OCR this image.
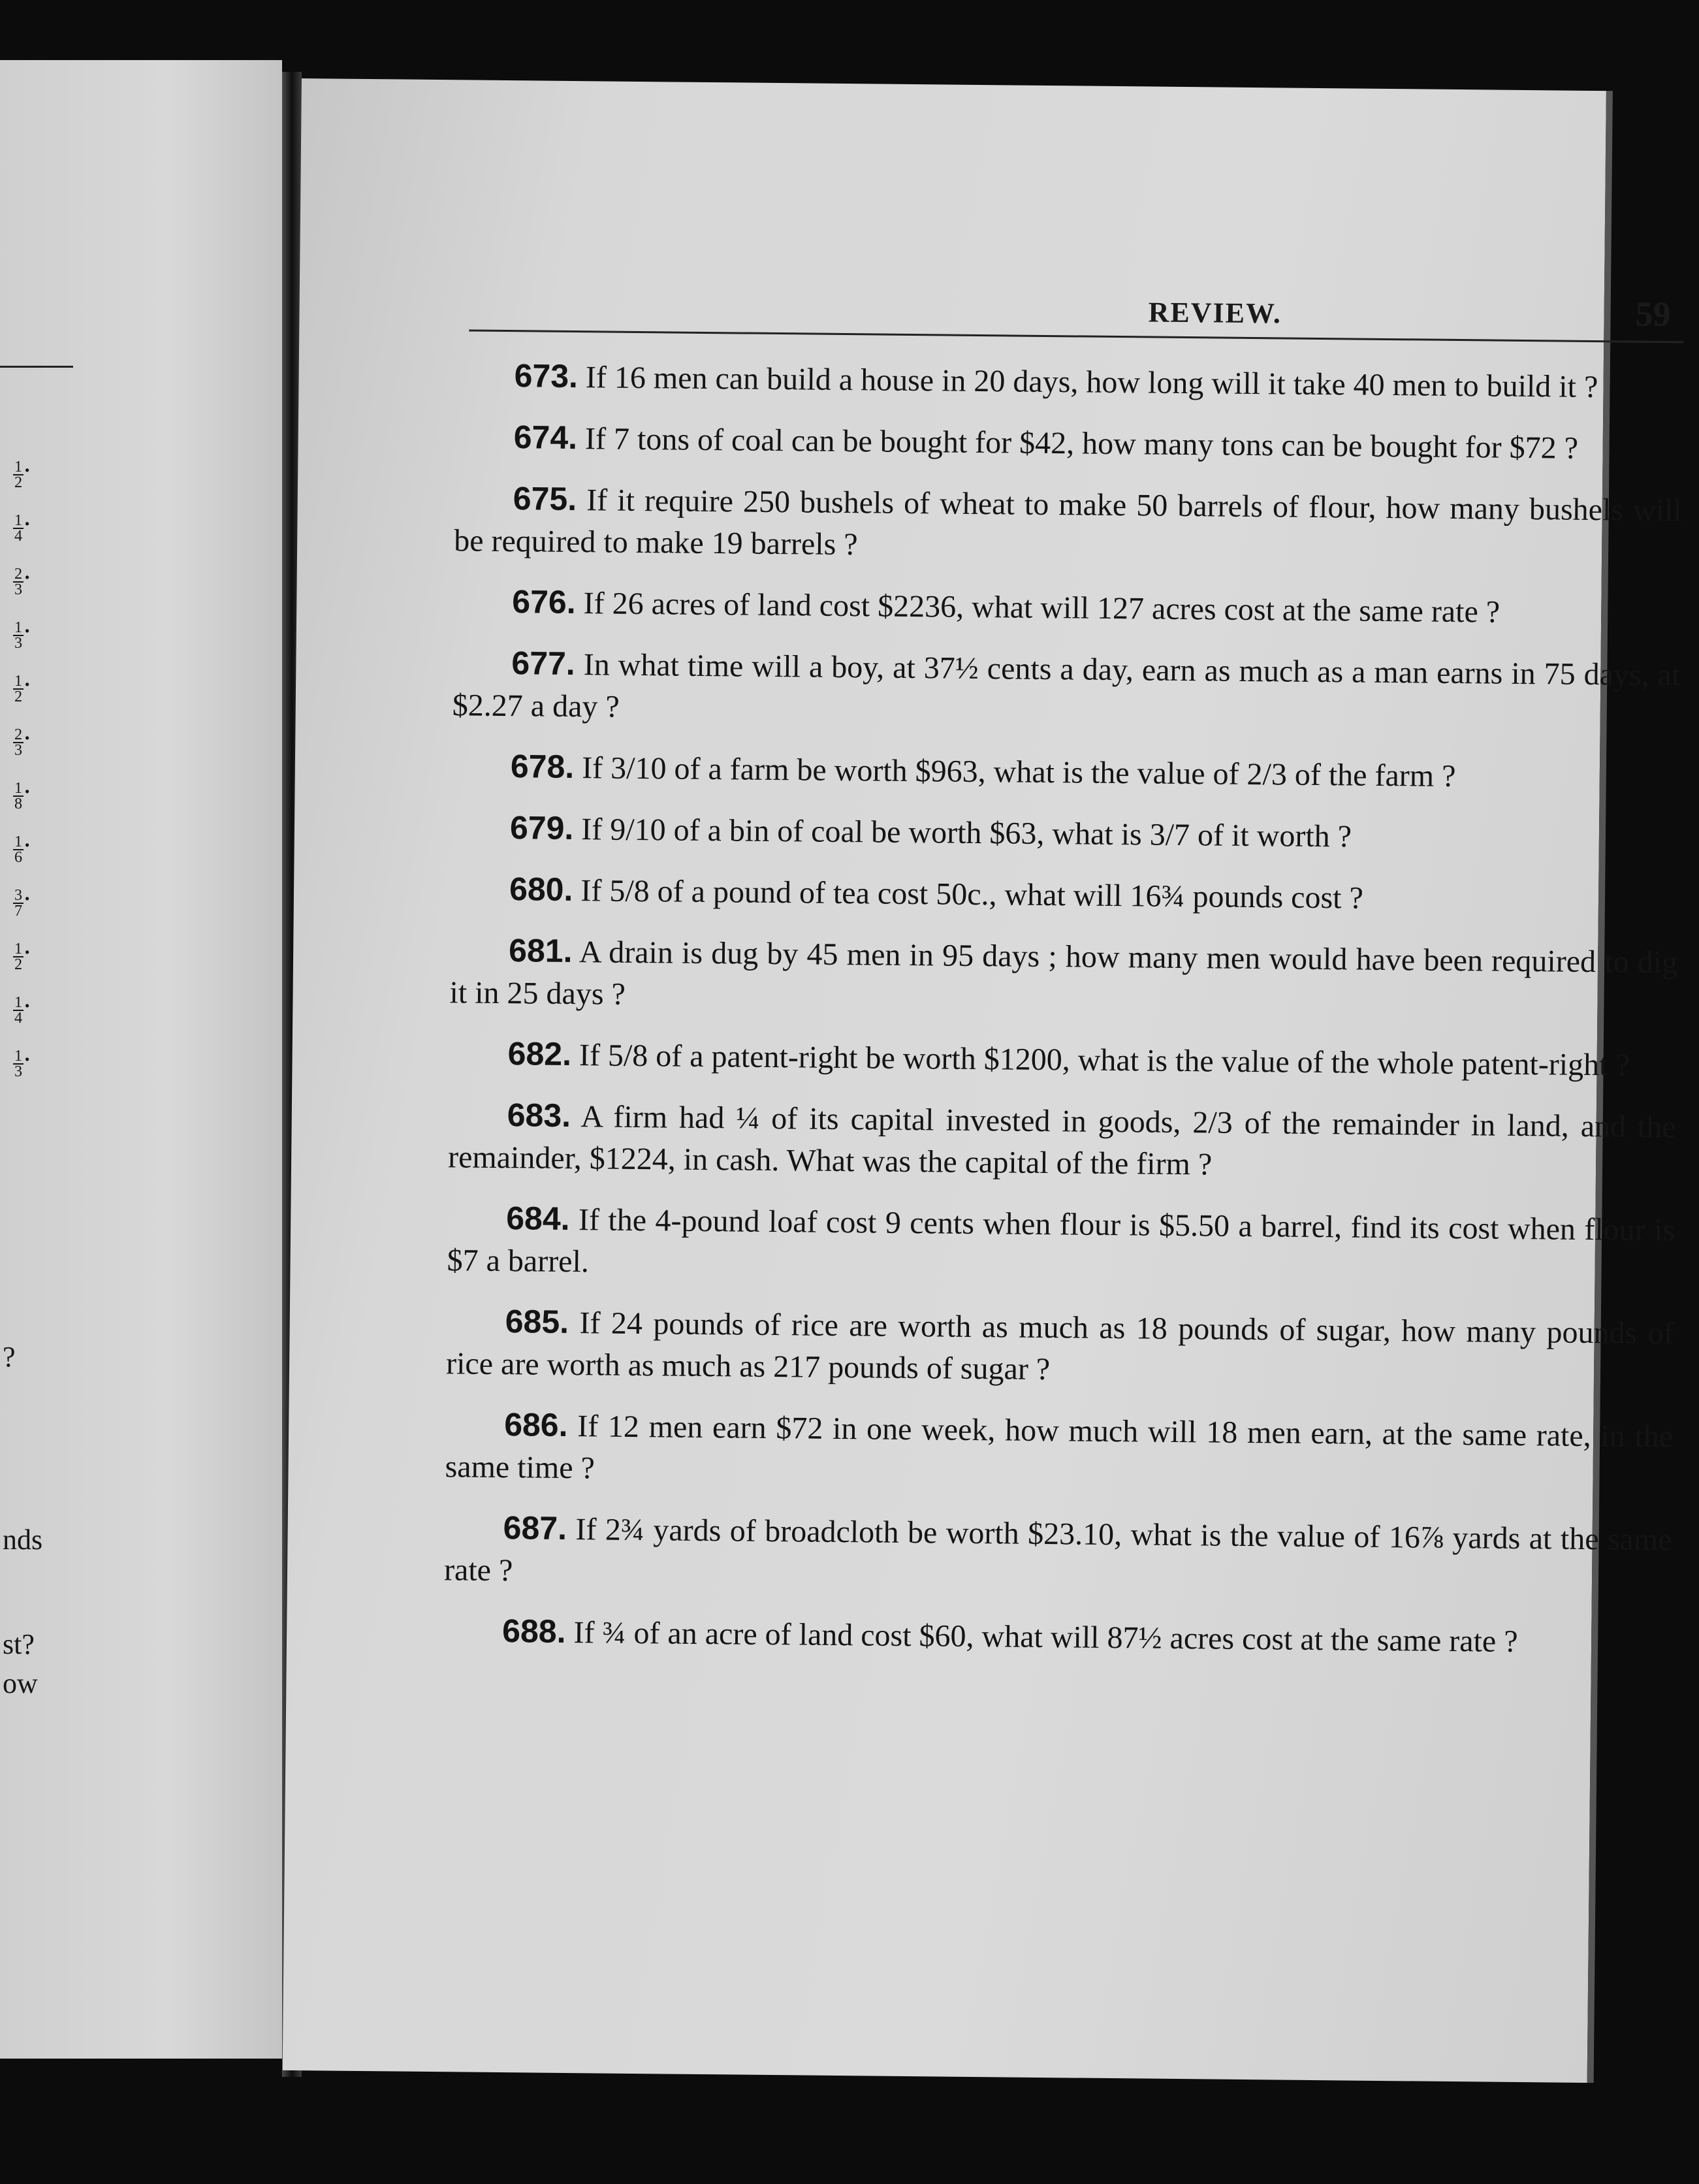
$\frac{1}{2}$ .
$\frac{1}{4}$ .
$\frac{2}{3}$ .
$\frac{1}{3}$ .
$\frac{1}{2}$ .
$\frac{2}{3}$ .
$\frac{1}{8}$ .
$\frac{1}{6}$ .
$\frac{3}{7}$ .
$\frac{1}{2}$ .
$\frac{1}{4}$ .
$\frac{1}{3}$ .
?
nds
st?
ow
REVIEW.	59
673. If 16 men can build a house in 20 days, how long will it take 40 men to build it ?
674. If 7 tons of coal can be bought for $42, how many tons can be bought for $72 ?
675. If it require 250 bushels of wheat to make 50 barrels of flour, how many bushels will be required to make 19 barrels ?
676. If 26 acres of land cost $2236, what will 127 acres cost at the same rate ?
677. In what time will a boy, at 37½ cents a day, earn as much as a man earns in 75 days, at $2.27 a day ?
678. If 3/10 of a farm be worth $963, what is the value of 2/3 of the farm ?
679. If 9/10 of a bin of coal be worth $63, what is 3/7 of it worth ?
680. If 5/8 of a pound of tea cost 50c., what will 16¾ pounds cost ?
681. A drain is dug by 45 men in 95 days ; how many men would have been required to dig it in 25 days ?
682. If 5/8 of a patent-right be worth $1200, what is the value of the whole patent-right ?
683. A firm had ¼ of its capital invested in goods, 2/3 of the remainder in land, and the remainder, $1224, in cash. What was the capital of the firm ?
684. If the 4-pound loaf cost 9 cents when flour is $5.50 a barrel, find its cost when flour is $7 a barrel.
685. If 24 pounds of rice are worth as much as 18 pounds of sugar, how many pounds of rice are worth as much as 217 pounds of sugar ?
686. If 12 men earn $72 in one week, how much will 18 men earn, at the same rate, in the same time ?
687. If 2¾ yards of broadcloth be worth $23.10, what is the value of 16⅞ yards at the same rate ?
688. If ¾ of an acre of land cost $60, what will 87½ acres cost at the same rate ?
